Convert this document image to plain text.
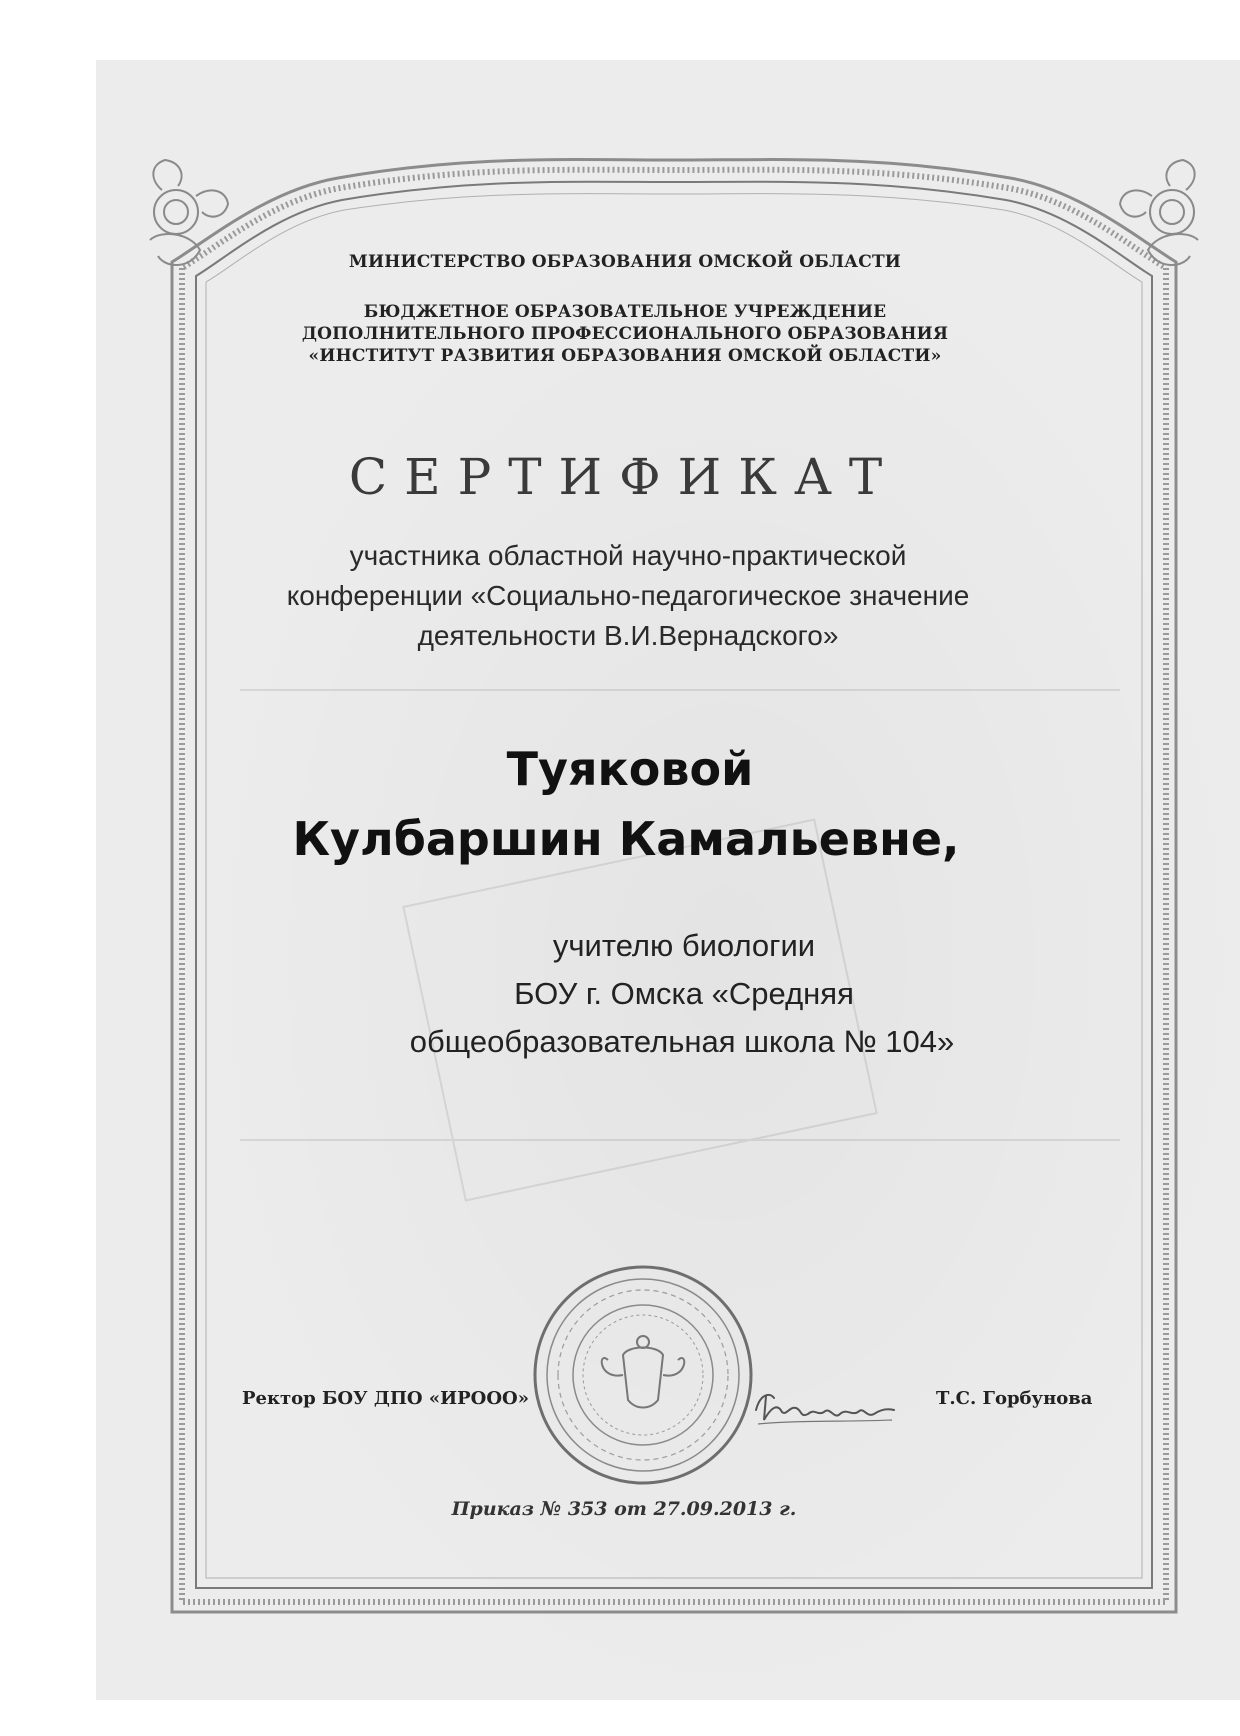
МИНИСТЕРСТВО ОБРАЗОВАНИЯ ОМСКОЙ ОБЛАСТИ
БЮДЖЕТНОЕ ОБРАЗОВАТЕЛЬНОЕ УЧРЕЖДЕНИЕ
ДОПОЛНИТЕЛЬНОГО ПРОФЕССИОНАЛЬНОГО ОБРАЗОВАНИЯ
«ИНСТИТУТ РАЗВИТИЯ ОБРАЗОВАНИЯ ОМСКОЙ ОБЛАСТИ»
СЕРТИФИКАТ
участника областной научно-практической
конференции «Социально-педагогическое значение
деятельности В.И.Вернадского»
Туяковой
Кулбаршин Камальевне,
учителю биологии
БОУ г. Омска «Средняя
общеобразовательная школа № 104»
Ректор БОУ ДПО «ИРООО»	Т.С. Горбунова
Приказ № 353 от 27.09.2013 г.
